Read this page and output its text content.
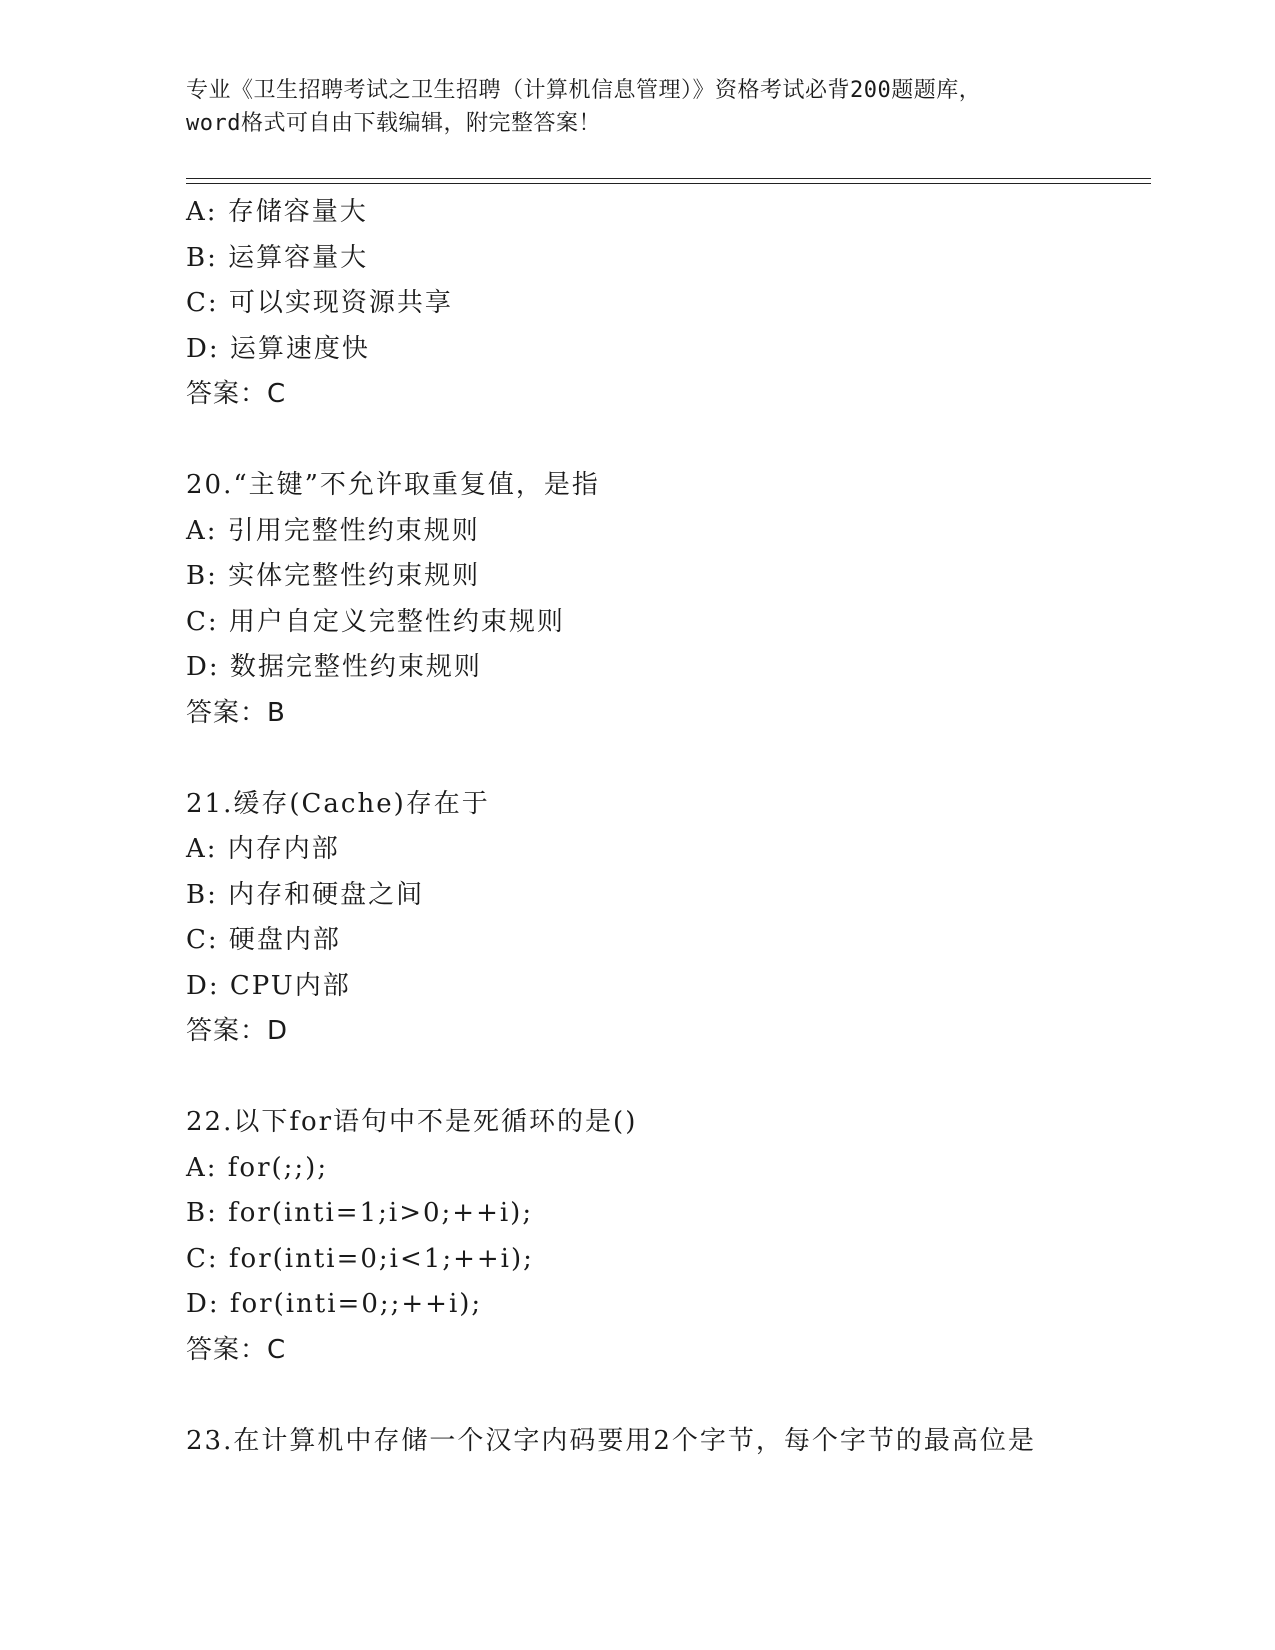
专业《卫生招聘考试之卫生招聘（计算机信息管理）》资格考试必背200题题库，
word格式可自由下载编辑，附完整答案！
A: 存储容量大
B: 运算容量大
C: 可以实现资源共享
D: 运算速度快
答案：C
20.“主键”不允许取重复值，是指
A: 引用完整性约束规则
B: 实体完整性约束规则
C: 用户自定义完整性约束规则
D: 数据完整性约束规则
答案：B
21.缓存(Cache)存在于
A: 内存内部
B: 内存和硬盘之间
C: 硬盘内部
D: CPU内部
答案：D
22.以下for语句中不是死循环的是()
A: for(;;);
B: for(inti=1;i>0;++i);
C: for(inti=0;i<1;++i);
D: for(inti=0;;++i);
答案：C
23.在计算机中存储一个汉字内码要用2个字节，每个字节的最高位是
